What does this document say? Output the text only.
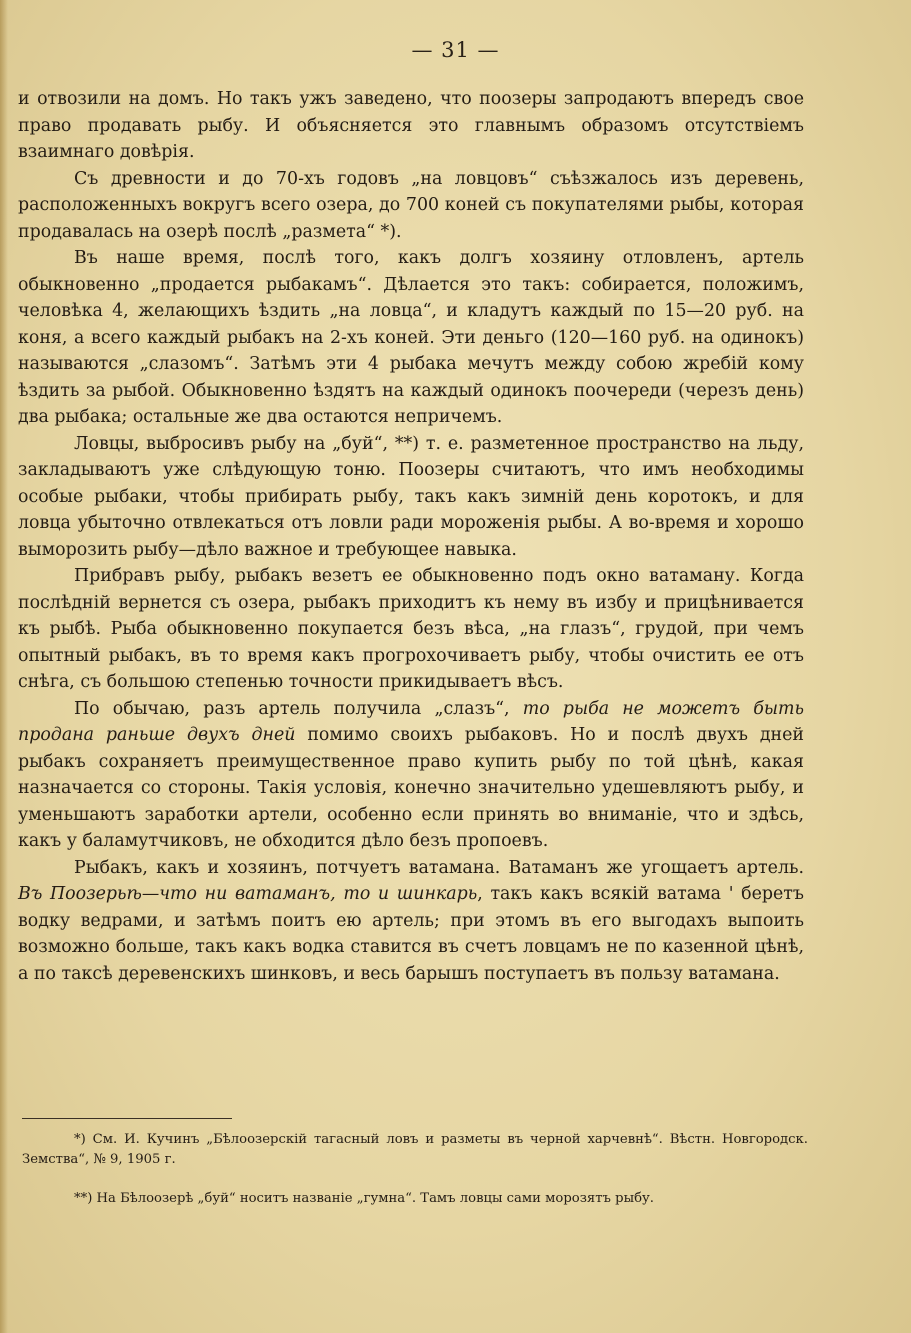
— 31 —

и отвозили на домъ. Но такъ ужъ заведено, что поозеры запродаютъ впередъ свое право продавать рыбу. И объясняется это главнымъ образомъ отсутствіемъ взаимнаго довѣрія.

Съ древности и до 70-хъ годовъ „на ловцовъ“ съѣзжалось изъ деревень, расположенныхъ вокругъ всего озера, до 700 коней съ покупателями рыбы, которая продавалась на озерѣ послѣ „размета“ *).

Въ наше время, послѣ того, какъ долгъ хозяину отловленъ, артель обыкновенно „продается рыбакамъ“. Дѣлается это такъ: собирается, положимъ, человѣка 4, желающихъ ѣздить „на ловца“, и кладутъ каждый по 15—20 руб. на коня, а всего каждый рыбакъ на 2-хъ коней. Эти деньго (120—160 руб. на одинокъ) называются „слазомъ“. Затѣмъ эти 4 рыбака мечутъ между собою жребій кому ѣздить за рыбой. Обыкновенно ѣздятъ на каждый одинокъ поочереди (черезъ день) два рыбака; остальные же два остаются непричемъ.

Ловцы, выбросивъ рыбу на „буй“, **) т. е. разметенное пространство на льду, закладываютъ уже слѣдующую тоню. Поозеры считаютъ, что имъ необходимы особые рыбаки, чтобы прибирать рыбу, такъ какъ зимній день коротокъ, и для ловца убыточно отвлекаться отъ ловли ради мороженія рыбы. А во-время и хорошо выморозить рыбу—дѣло важное и требующее навыка.

Прибравъ рыбу, рыбакъ везетъ ее обыкновенно подъ окно ватаману. Когда послѣдній вернется съ озера, рыбакъ приходитъ къ нему въ избу и прицѣнивается къ рыбѣ. Рыба обыкновенно покупается безъ вѣса, „на глазъ“, грудой, при чемъ опытный рыбакъ, въ то время какъ прогрохочиваетъ рыбу, чтобы очистить ее отъ снѣга, съ большою степенью точности прикидываетъ вѣсъ.

По обычаю, разъ артель получила „слазъ“, то рыба не можетъ быть продана раньше двухъ дней помимо своихъ рыбаковъ. Но и послѣ двухъ дней рыбакъ сохраняетъ преимущественное право купить рыбу по той цѣнѣ, какая назначается со стороны. Такія условія, конечно значительно удешевляютъ рыбу, и уменьшаютъ заработки артели, особенно если принять во вниманіе, что и здѣсь, какъ у баламутчиковъ, не обходится дѣло безъ пропоевъ.

Рыбакъ, какъ и хозяинъ, потчуетъ ватамана. Ватаманъ же угощаетъ артель. Въ Поозерьѣ—что ни ватаманъ, то и шинкарь, такъ какъ всякій ватама ' беретъ водку ведрами, и затѣмъ поитъ ею артель; при этомъ въ его выгодахъ выпоить возможно больше, такъ какъ водка ставится въ счетъ ловцамъ не по казенной цѣнѣ, а по таксѣ деревенскихъ шинковъ, и весь барышъ поступаетъ въ пользу ватамана.

*) См. И. Кучинъ „Бѣлоозерскій тагасный ловъ и разметы въ черной харчевнѣ“. Вѣстн. Новгородск. Земства“, № 9, 1905 г.

**) На Бѣлоозерѣ „буй“ носитъ названіе „гумна“. Тамъ ловцы сами морозятъ рыбу.
